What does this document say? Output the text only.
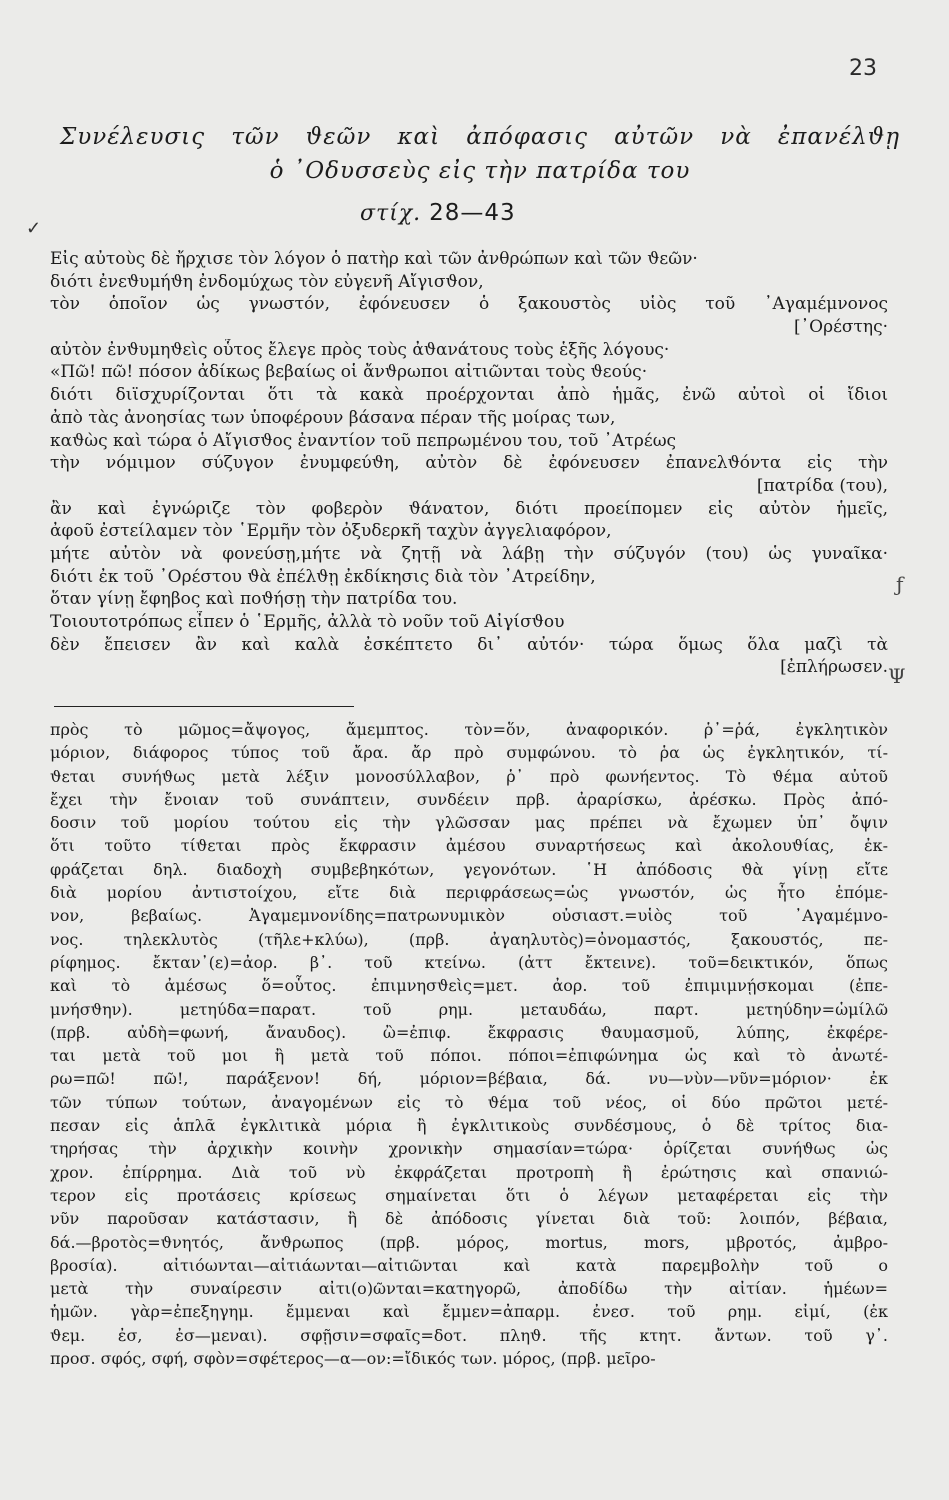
23
Συνέλευσις τῶν ϑεῶν καὶ ἀπόφασις αὐτῶν νὰ ἐπανέλϑῃ
ὁ ᾿Οδυσσεὺς εἰς τὴν πατρίδα του
στίχ. 28—43
✓
Εἰς αὐτοὺς δὲ ἤρχισε τὸν λόγον ὁ πατὴρ καὶ τῶν ἀνθρώπων καὶ τῶν ϑεῶν·
διότι ἐνεϑυμήϑη ἐνδομύχως τὸν εὐγενῆ Αἴγισϑον,
τὸν ὁποῖον ὡς γνωστόν, ἐφόνευσεν ὁ ξακουστὸς υἱὸς τοῦ ᾿Αγαμέμνονος
[᾿Ορέστης·
αὐτὸν ἐνϑυμηϑεὶς οὗτος ἔλεγε πρὸς τοὺς ἀϑανάτους τοὺς ἑξῆς λόγους·
«Πῶ! πῶ! πόσον ἀδίκως βεβαίως οἱ ἄνϑρωποι αἰτιῶνται τοὺς ϑεούς·
διότι διϊσχυρίζονται ὅτι τὰ κακὰ προέρχονται ἀπὸ ἡμᾶς, ἐνῶ αὐτοὶ οἱ ἴδιοι
ἀπὸ τὰς ἀνοησίας των ὑποφέρουν βάσανα πέραν τῆς μοίρας των,
καϑὼς καὶ τώρα ὁ Αἴγισϑος ἐναντίον τοῦ πεπρωμένου του, τοῦ ᾿Ατρέως
τὴν νόμιμον σύζυγον ἐνυμφεύϑη, αὐτὸν δὲ ἐφόνευσεν ἐπανελϑόντα εἰς τὴν
[πατρίδα (του),
ἂν καὶ ἐγνώριζε τὸν φοβερὸν ϑάνατον, διότι προείπομεν εἰς αὐτὸν ἡμεῖς,
ἀφοῦ ἐστείλαμεν τὸν ῾Ερμῆν τὸν ὀξυδερκῆ ταχὺν ἀγγελιαφόρον,
μήτε αὐτὸν νὰ φονεύσῃ,μήτε νὰ ζητῇ νὰ λάβῃ τὴν σύζυγόν (του) ὡς γυναῖκα·
διότι ἐκ τοῦ ᾿Ορέστου ϑὰ ἐπέλϑῃ ἐκδίκησις διὰ τὸν ᾿Ατρείδην,
ὅταν γίνῃ ἔφηβος καὶ ποϑήσῃ τὴν πατρίδα του.
Τοιουτοτρόπως εἶπεν ὁ ῾Ερμῆς, ἀλλὰ τὸ νοῦν τοῦ Αἰγίσϑου
δὲν ἔπεισεν ἂν καὶ καλὰ ἐσκέπτετο δι᾿ αὐτόν· τώρα ὅμως ὅλα μαζὶ τὰ
[ἐπλήρωσεν.
ƒ
Ψ
πρὸς τὸ μῶμος=ἄψογος, ἄμεμπτος. τὸν=ὅν, ἀναφορικόν. ῥ᾿=ῥά, ἐγκλητικὸν
μόριον, διάφορος τύπος τοῦ ἄρα. ἄρ πρὸ συμφώνου. τὸ ῥα ὡς ἐγκλητικόν, τί-
ϑεται συνήϑως μετὰ λέξιν μονοσύλλαβον, ῥ᾿ πρὸ φωνήεντος. Τὸ ϑέμα αὐτοῦ
ἔχει τὴν ἔνοιαν τοῦ συνάπτειν, συνδέειν πρβ. ἀραρίσκω, ἀρέσκω. Πρὸς ἀπό-
δοσιν τοῦ μορίου τούτου εἰς τὴν γλῶσσαν μας πρέπει νὰ ἔχωμεν ὑπ᾿ ὄψιν
ὅτι τοῦτο τίϑεται πρὸς ἔκφρασιν ἀμέσου συναρτήσεως καὶ ἀκολουϑίας, ἐκ-
φράζεται δηλ. διαδοχὴ συμβεβηκότων, γεγονότων. ῾Η ἀπόδοσις ϑὰ γίνῃ εἴτε
διὰ μορίου ἀντιστοίχου, εἴτε διὰ περιφράσεως=ὡς γνωστόν, ὡς ἦτο ἑπόμε-
νον, βεβαίως. Ἀγαμεμνονίδης=πατρωνυμικὸν οὐσιαστ.=υἱὸς τοῦ ᾿Αγαμέμνο-
νος. τηλεκλυτὸς (τῆλε+κλύω), (πρβ. ἀγαηλυτὸς)=ὀνομαστός, ξακουστός, πε-
ρίφημος. ἔκταν᾿(ε)=ἀορ. β᾿. τοῦ κτείνω. (ἀττ ἔκτεινε). τοῦ=δεικτικόν, ὅπως
καὶ τὸ ἀμέσως ὅ=οὗτος. ἐπιμνησϑεὶς=μετ. ἀορ. τοῦ ἐπιμιμνῄσκομαι (ἐπε-
μνήσϑην). μετηύδα=παρατ. τοῦ ρημ. μεταυδάω, παρτ. μετηύδην=ὡμίλῶ
(πρβ. αὐδὴ=φωνή, ἄναυδος). ὢ=ἐπιφ. ἔκφρασις ϑαυμασμοῦ, λύπης, ἐκφέρε-
ται μετὰ τοῦ μοι ἢ μετὰ τοῦ πόποι. πόποι=ἐπιφώνημα ὡς καὶ τὸ ἀνωτέ-
ρω=πῶ! πῶ!, παράξενον! δή, μόριον=βέβαια, δά. νυ—νὺν—νῦν=μόριον· ἐκ
τῶν τύπων τούτων, ἀναγομένων εἰς τὸ ϑέμα τοῦ νέος, οἱ δύο πρῶτοι μετέ-
πεσαν εἰς ἁπλᾶ ἐγκλιτικὰ μόρια ἢ ἐγκλιτικοὺς συνδέσμους, ὁ δὲ τρίτος δια-
τηρήσας τὴν ἀρχικὴν κοινὴν χρονικὴν σημασίαν=τώρα· ὁρίζεται συνήϑως ὡς
χρον. ἐπίρρημα. Διὰ τοῦ νὺ ἐκφράζεται προτροπὴ ἢ ἐρώτησις καὶ σπανιώ-
τερον εἰς προτάσεις κρίσεως σημαίνεται ὅτι ὁ λέγων μεταφέρεται εἰς τὴν
νῦν παροῦσαν κατάστασιν, ἢ δὲ ἀπόδοσις γίνεται διὰ τοῦ: λοιπόν, βέβαια,
δά.—βροτὸς=ϑνητός, ἄνϑρωπος (πρβ. μόρος, mortus, mors, μβροτός, ἀμβρο-
βροσία). αἰτιόωνται—αἰτιάωνται—αἰτιῶνται καὶ κατὰ παρεμβολὴν τοῦ ο
μετὰ τὴν συναίρεσιν αἰτι(ο)ῶνται=κατηγορῶ, ἀποδίδω τὴν αἰτίαν. ἡμέων=
ἡμῶν. γὰρ=ἐπεξηγημ. ἔμμεναι καὶ ἔμμεν=ἀπαρμ. ἐνεσ. τοῦ ρημ. εἰμί, (ἐκ
ϑεμ. ἐσ, ἐσ—μεναι). σφῇσιν=σφαῖς=δοτ. πληϑ. τῆς κτητ. ἄντων. τοῦ γ᾿.
προσ. σφός, σφή, σφὸν=σφέτερος—α—ον:=ἴδικός των. μόρος, (πρβ. μεῖρο-
